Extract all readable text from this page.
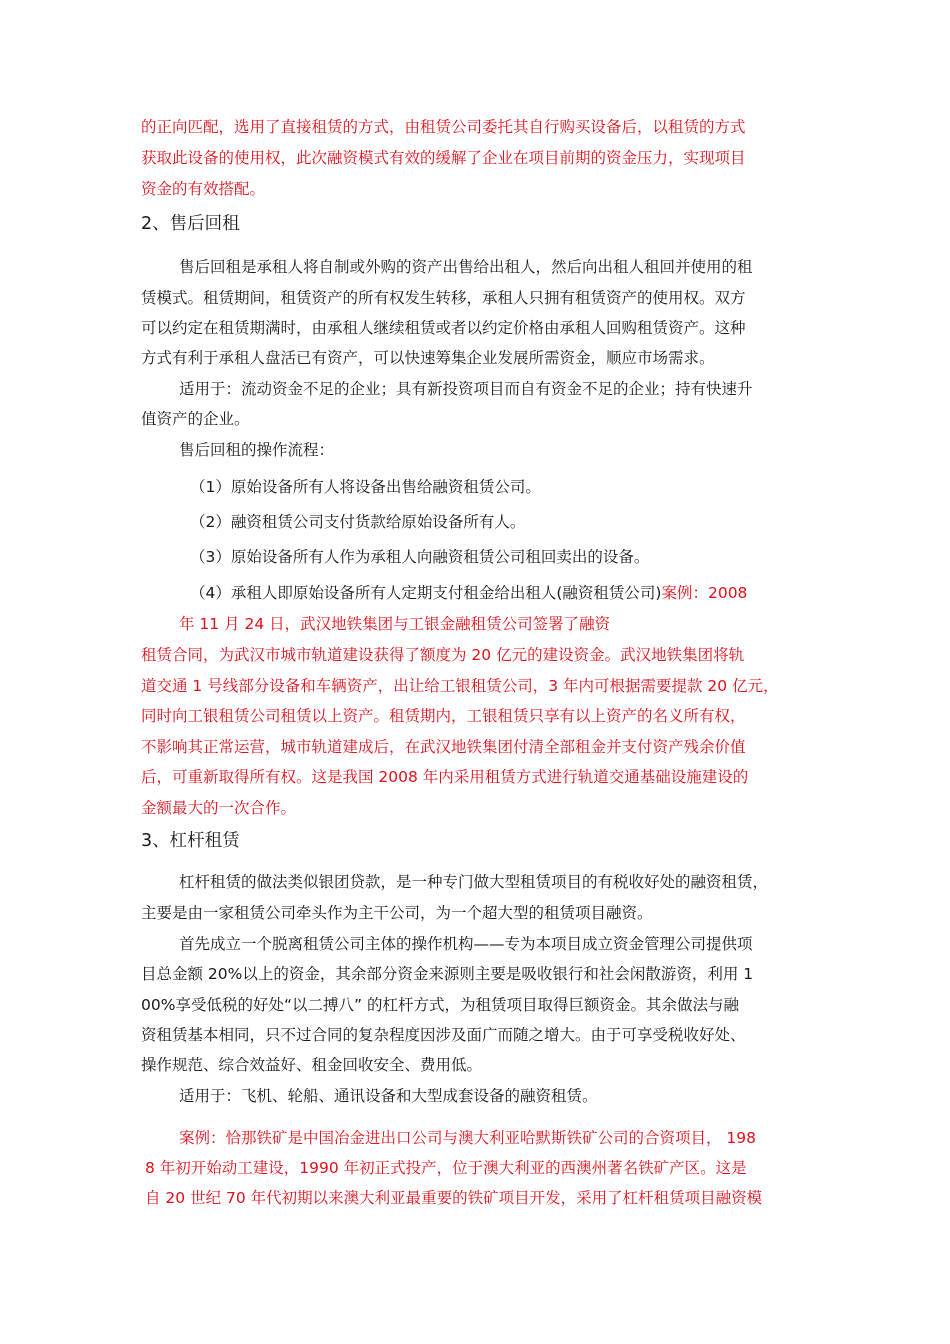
的正向匹配，选用了直接租赁的方式，由租赁公司委托其自行购买设备后，以租赁的方式
获取此设备的使用权，此次融资模式有效的缓解了企业在项目前期的资金压力，实现项目
资金的有效搭配。
2、售后回租
售后回租是承租人将自制或外购的资产出售给出租人，然后向出租人租回并使用的租
赁模式。租赁期间，租赁资产的所有权发生转移，承租人只拥有租赁资产的使用权。双方
可以约定在租赁期满时，由承租人继续租赁或者以约定价格由承租人回购租赁资产。这种
方式有利于承租人盘活已有资产，可以快速筹集企业发展所需资金，顺应市场需求。
适用于：流动资金不足的企业；具有新投资项目而自有资金不足的企业；持有快速升
值资产的企业。
售后回租的操作流程：
（1）原始设备所有人将设备出售给融资租赁公司。
（2）融资租赁公司支付货款给原始设备所有人。
（3）原始设备所有人作为承租人向融资租赁公司租回卖出的设备。
（4）承租人即原始设备所有人定期支付租金给出租人(融资租赁公司)案例：2008
年 11 月 24 日，武汉地铁集团与工银金融租赁公司签署了融资
租赁合同，为武汉市城市轨道建设获得了额度为 20 亿元的建设资金。武汉地铁集团将轨
道交通 1 号线部分设备和车辆资产，出让给工银租赁公司，3 年内可根据需要提款 20 亿元，
同时向工银租赁公司租赁以上资产。租赁期内，工银租赁只享有以上资产的名义所有权，
不影响其正常运营，城市轨道建成后，在武汉地铁集团付清全部租金并支付资产残余价值
后，可重新取得所有权。这是我国 2008 年内采用租赁方式进行轨道交通基础设施建设的
金额最大的一次合作。
3、杠杆租赁
杠杆租赁的做法类似银团贷款，是一种专门做大型租赁项目的有税收好处的融资租赁，
主要是由一家租赁公司牵头作为主干公司，为一个超大型的租赁项目融资。
首先成立一个脱离租赁公司主体的操作机构——专为本项目成立资金管理公司提供项
目总金额 20%以上的资金，其余部分资金来源则主要是吸收银行和社会闲散游资，利用 1
00%享受低税的好处“以二搏八” 的杠杆方式，为租赁项目取得巨额资金。其余做法与融
资租赁基本相同，只不过合同的复杂程度因涉及面广而随之增大。由于可享受税收好处、
操作规范、综合效益好、租金回收安全、费用低。
适用于：飞机、轮船、通讯设备和大型成套设备的融资租赁。
案例：恰那铁矿是中国冶金进出口公司与澳大利亚哈默斯铁矿公司的合资项目， 198
8 年初开始动工建设，1990 年初正式投产，位于澳大利亚的西澳州著名铁矿产区。这是
自 20 世纪 70 年代初期以来澳大利亚最重要的铁矿项目开发，采用了杠杆租赁项目融资模
